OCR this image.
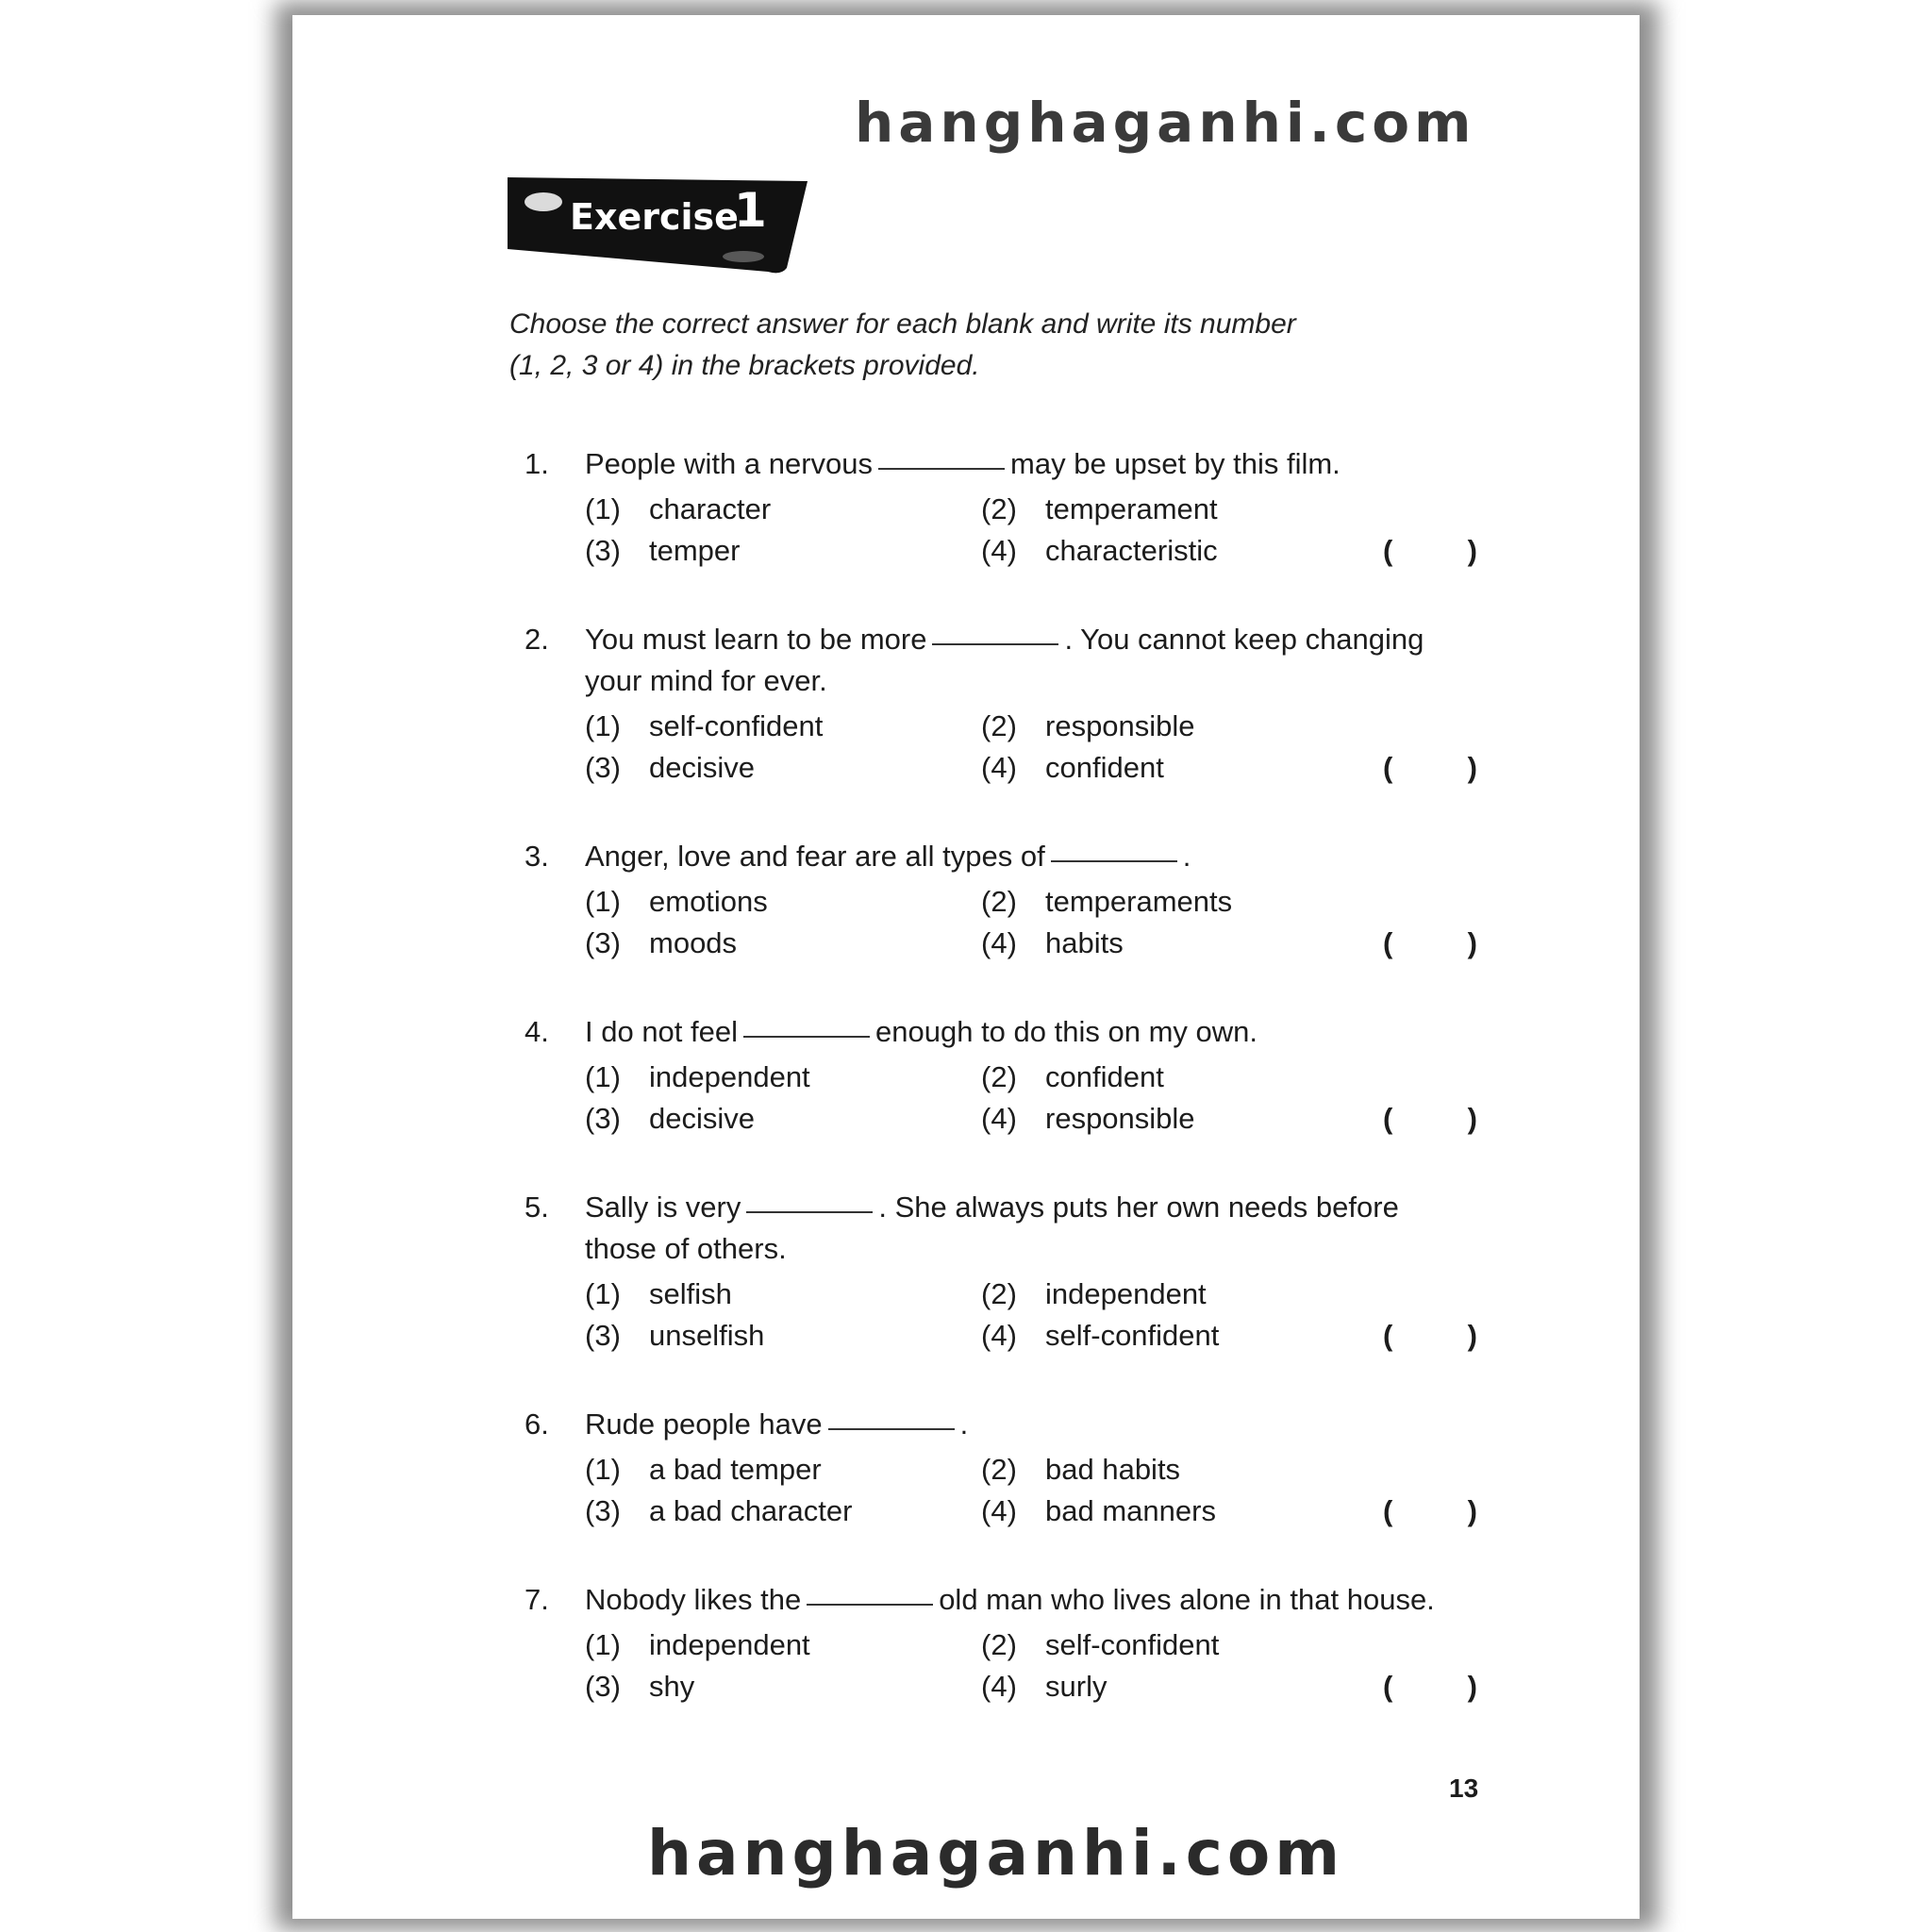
hanghaganhi.com
Exercise
1
Choose the correct answer for each blank and write its number
(1, 2, 3 or 4) in the brackets provided.
1. People with a nervous	may be upset by this film.
(1) character	(2) temperament
(3) temper	(4) characteristic	(	)
2. You must learn to be more	. You cannot keep changing your mind for ever.
(1) self-confident	(2) responsible
(3) decisive	(4) confident	(	)
3. Anger, love and fear are all types of	.
(1) emotions	(2) temperaments
(3) moods	(4) habits	(	)
4. I do not feel	enough to do this on my own.
(1) independent	(2) confident
(3) decisive	(4) responsible	(	)
5. Sally is very	. She always puts her own needs before those of others.
(1) selfish	(2) independent
(3) unselfish	(4) self-confident	(	)
6. Rude people have	.
(1) a bad temper	(2) bad habits
(3) a bad character	(4) bad manners	(	)
7. Nobody likes the	old man who lives alone in that house.
(1) independent	(2) self-confident
(3) shy	(4) surly	(	)
13
hanghaganhi.com
